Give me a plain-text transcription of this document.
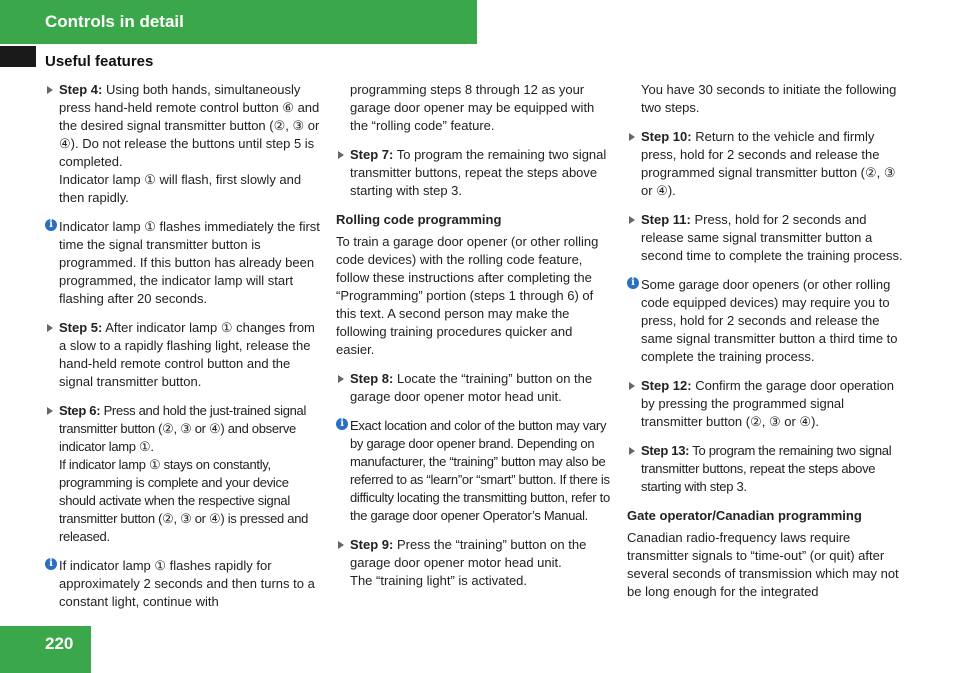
Controls in detail
Useful features
Step 4: Using both hands, simultaneously press hand-held remote control button ⑥ and the desired signal transmitter button (②, ③ or ④). Do not release the buttons until step 5 is completed.
Indicator lamp ① will flash, first slowly and then rapidly.
i Indicator lamp ① flashes immediately the first time the signal transmitter button is programmed. If this button has already been programmed, the indicator lamp will start flashing after 20 seconds.
Step 5: After indicator lamp ① changes from a slow to a rapidly flashing light, release the hand-held remote control button and the signal transmitter button.
Step 6: Press and hold the just-trained signal transmitter button (②, ③ or ④) and observe indicator lamp ①.
If indicator lamp ① stays on constantly, programming is complete and your device should activate when the respective signal transmitter button (②, ③ or ④) is pressed and released.
i If indicator lamp ① flashes rapidly for approximately 2 seconds and then turns to a constant light, continue with
programming steps 8 through 12 as your garage door opener may be equipped with the “rolling code” feature.
Step 7: To program the remaining two signal transmitter buttons, repeat the steps above starting with step 3.
Rolling code programming
To train a garage door opener (or other rolling code devices) with the rolling code feature, follow these instructions after completing the “Programming” portion (steps 1 through 6) of this text. A second person may make the following training procedures quicker and easier.
Step 8: Locate the “training” button on the garage door opener motor head unit.
i Exact location and color of the button may vary by garage door opener brand. Depending on manufacturer, the “training” button may also be referred to as “learn”or “smart” button. If there is difficulty locating the transmitting button, refer to the garage door opener Operator’s Manual.
Step 9: Press the “training” button on the garage door opener motor head unit.
The “training light” is activated.
You have 30 seconds to initiate the following two steps.
Step 10: Return to the vehicle and firmly press, hold for 2 seconds and release the programmed signal transmitter button (②, ③ or ④).
Step 11: Press, hold for 2 seconds and release same signal transmitter button a second time to complete the training process.
i Some garage door openers (or other rolling code equipped devices) may require you to press, hold for 2 seconds and release the same signal transmitter button a third time to complete the training process.
Step 12: Confirm the garage door operation by pressing the programmed signal transmitter button (②, ③ or ④).
Step 13: To program the remaining two signal transmitter buttons, repeat the steps above starting with step 3.
Gate operator/Canadian programming
Canadian radio-frequency laws require transmitter signals to “time-out” (or quit) after several seconds of transmission which may not be long enough for the integrated
220
